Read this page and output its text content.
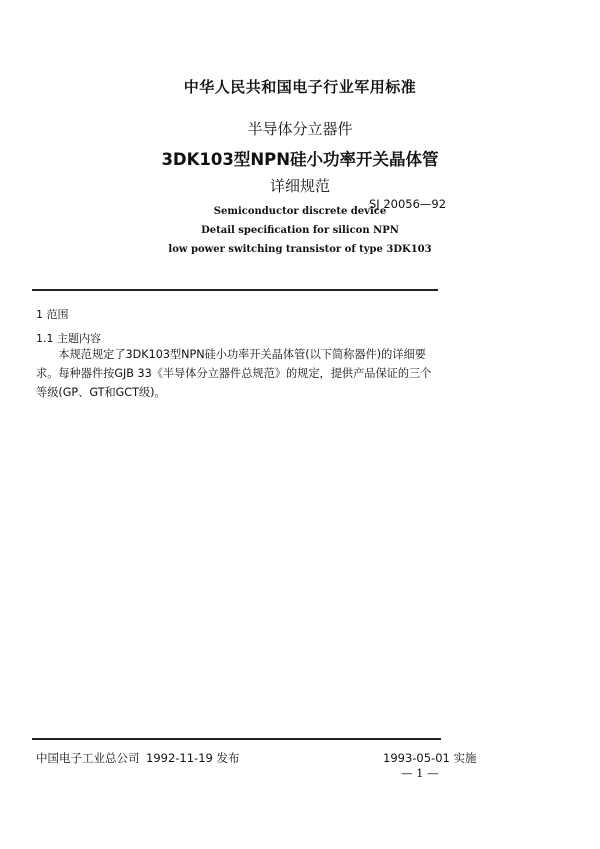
中华人民共和国电子行业军用标准
半导体分立器件
3DK103型NPN硅小功率开关晶体管
详细规范
SJ 20056—92
Semiconductor discrete device
Detail specification for silicon NPN
low power switching transistor of type 3DK103
1 范围
1.1 主题内容
本规范规定了3DK103型NPN硅小功率开关晶体管(以下简称器件)的详细要求。每种器件按GJB 33《半导体分立器件总规范》的规定，提供产品保证的三个等级(GP、GT和GCT级)。
中国电子工业总公司 1992-11-19 发布	1993-05-01 实施
— 1 —
